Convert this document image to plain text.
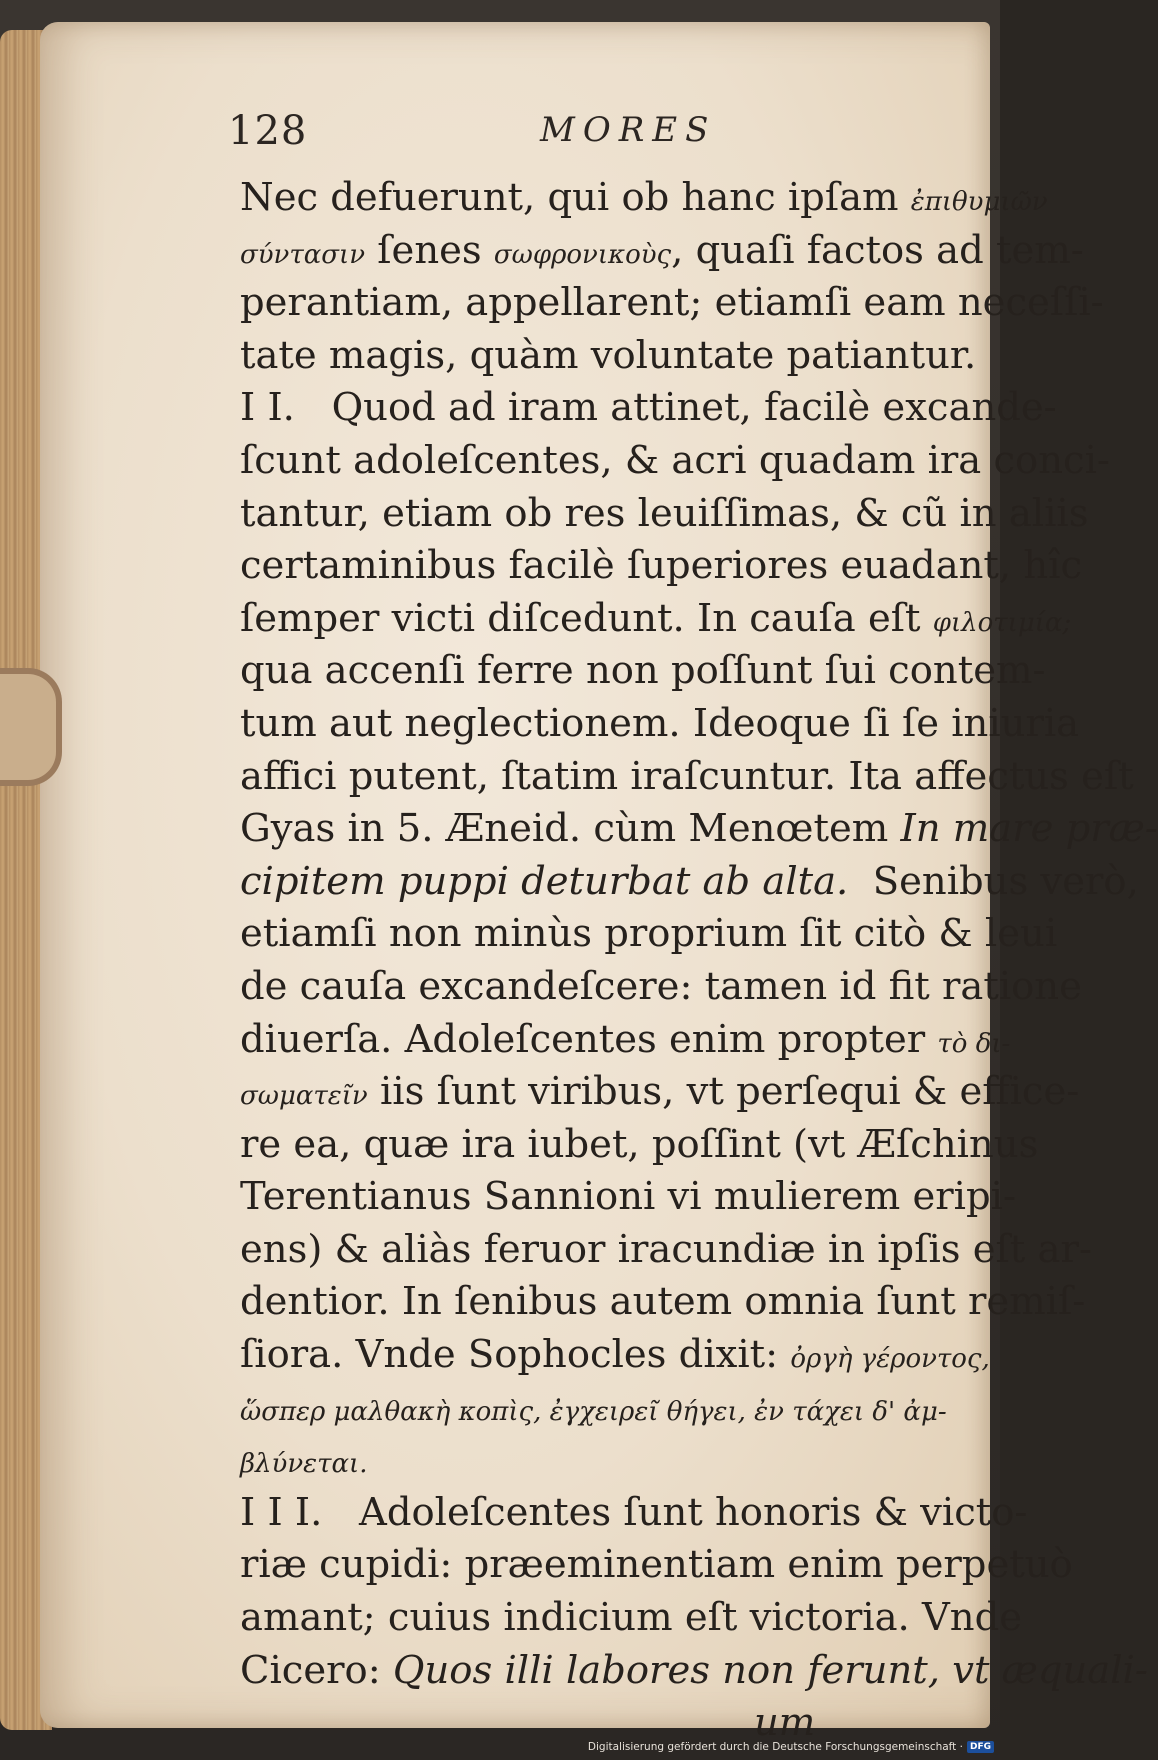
128	MORES
Nec defuerunt, qui ob hanc ipſam ἐπιθυμιῶν
σύντασιν ſenes σωφρονικοὺς, quaſi factos ad tem-
perantiam, appellarent; etiamſi eam neceſſi-
tate magis, quàm voluntate patiantur.
I I.   Quod ad iram attinet, facilè excande-
ſcunt adoleſcentes, & acri quadam ira conci-
tantur, etiam ob res leuiſſimas, & cũ in aliis
certaminibus facilè ſuperiores euadant, hîc
ſemper victi diſcedunt. In cauſa eſt φιλοτιμία;
qua accenſi ferre non poſſunt ſui contem-
tum aut neglectionem. Ideoque ſi ſe iniuria
affici putent, ſtatim iraſcuntur. Ita affectus eſt
Gyas in 5. Æneid. cùm Menœtem In mare præ-
cipitem puppi deturbat ab alta.  Senibus verò,
etiamſi non minùs proprium ſit citò & leui
de cauſa excandeſcere: tamen id fit ratione
diuerſa. Adoleſcentes enim propter τὸ δι-
σωματεῖν iis ſunt viribus, vt perſequi & effice-
re ea, quæ ira iubet, poſſint (vt Æſchinus
Terentianus Sannioni vi mulierem eripi-
ens) & aliàs feruor iracundiæ in ipſis eſt ar-
dentior. In ſenibus autem omnia ſunt remiſ-
ſiora. Vnde Sophocles dixit: ὀργὴ γέροντος,
ὥσπερ μαλθακὴ κοπὶς, ἐγχειρεῖ θήγει, ἐν τάχει δ' ἀμ-
βλύνεται.
I I I.   Adoleſcentes ſunt honoris & victo-
riæ cupidi: præeminentiam enim perpetuò
amant; cuius indicium eſt victoria. Vnde
Cicero: Quos illi labores non ferunt, vt æquali-
um
Digitalisierung gefördert durch die Deutsche Forschungsgemeinschaft · DFG
